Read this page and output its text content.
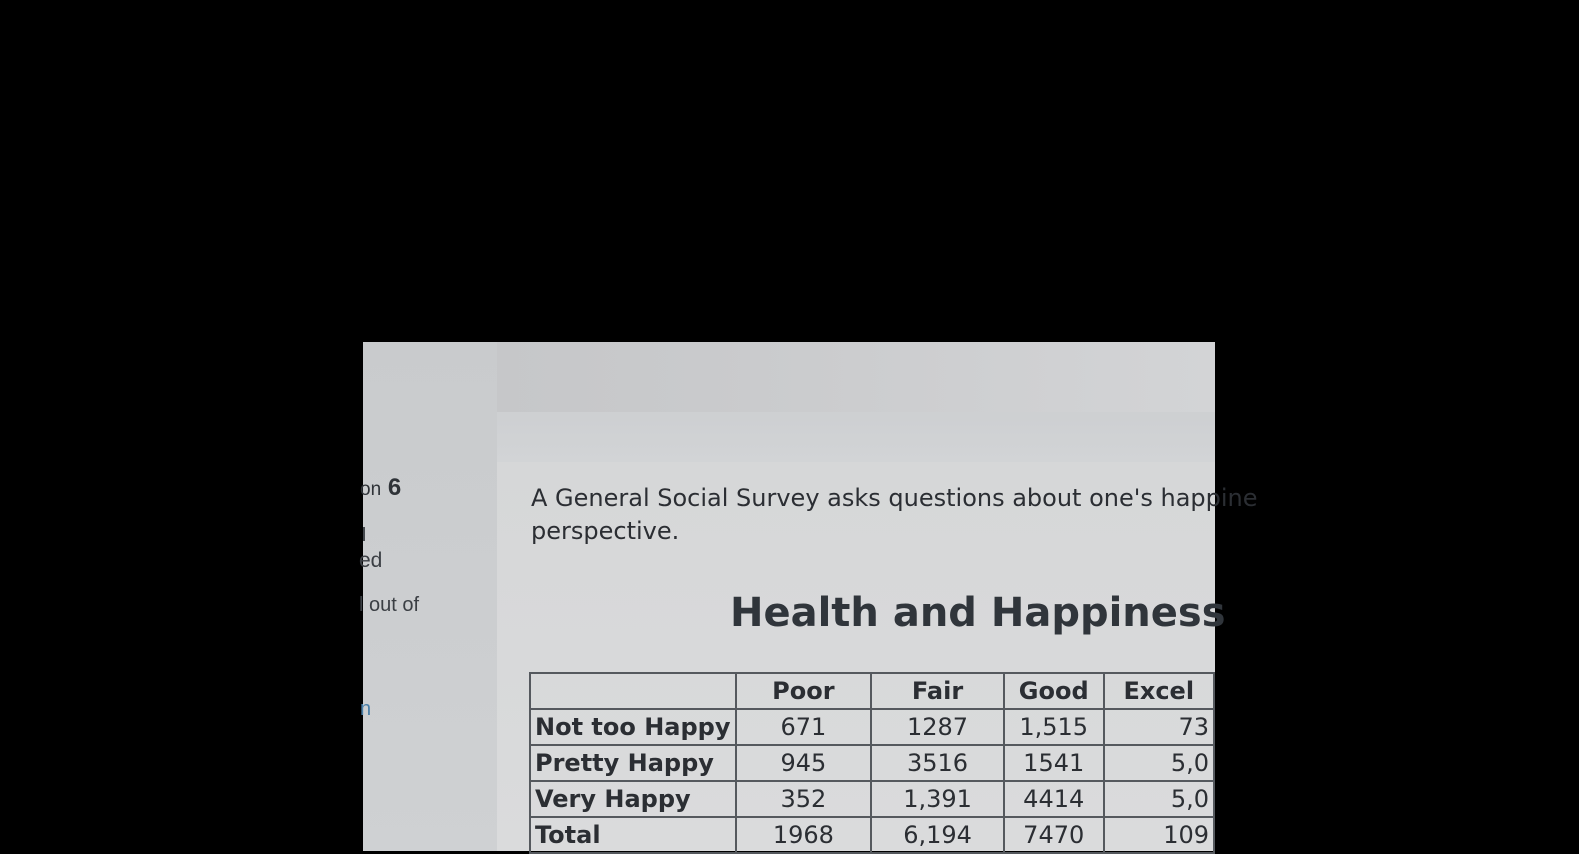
on 6
ed
l out of
n
A General Social Survey asks questions about one's happine
perspective.
Health and Happiness
	Poor	Fair	Good	Excel
Not too Happy	671	1287	1,515	73
Pretty Happy	945	3516	1541	5,0
Very Happy	352	1,391	4414	5,0
Total	1968	6,194	7470	109
